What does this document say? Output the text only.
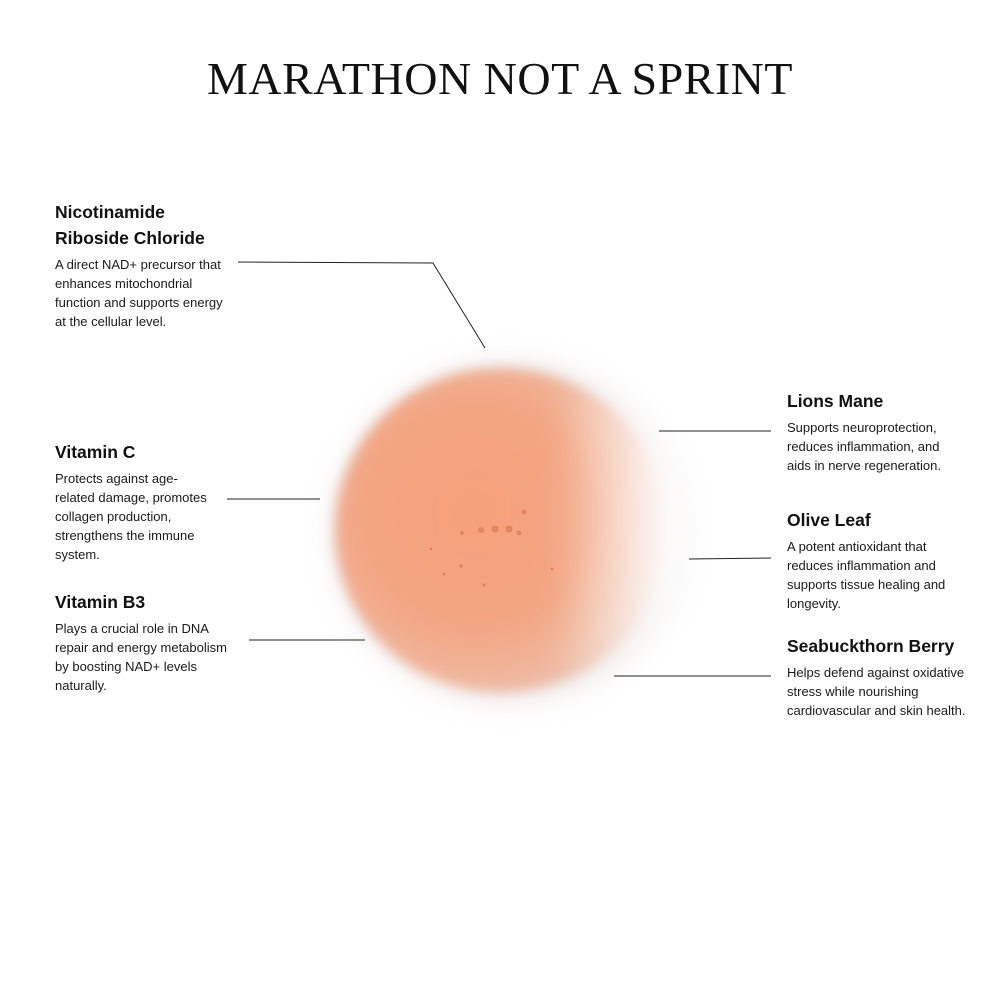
MARATHON NOT A SPRINT
Nicotinamide
Riboside Chloride

A direct NAD+ precursor that
enhances mitochondrial
function and supports energy
at the cellular level.

Vitamin C

Protects against age-
related damage, promotes
collagen production,
strengthens the immune
system.

Vitamin B3

Plays a crucial role in DNA
repair and energy metabolism
by boosting NAD+ levels
naturally.

Lions Mane

Supports neuroprotection,
reduces inflammation, and
aids in nerve regeneration.

Olive Leaf

A potent antioxidant that
reduces inflammation and
supports tissue healing and
longevity.

Seabuckthorn Berry

Helps defend against oxidative
stress while nourishing
cardiovascular and skin health.
